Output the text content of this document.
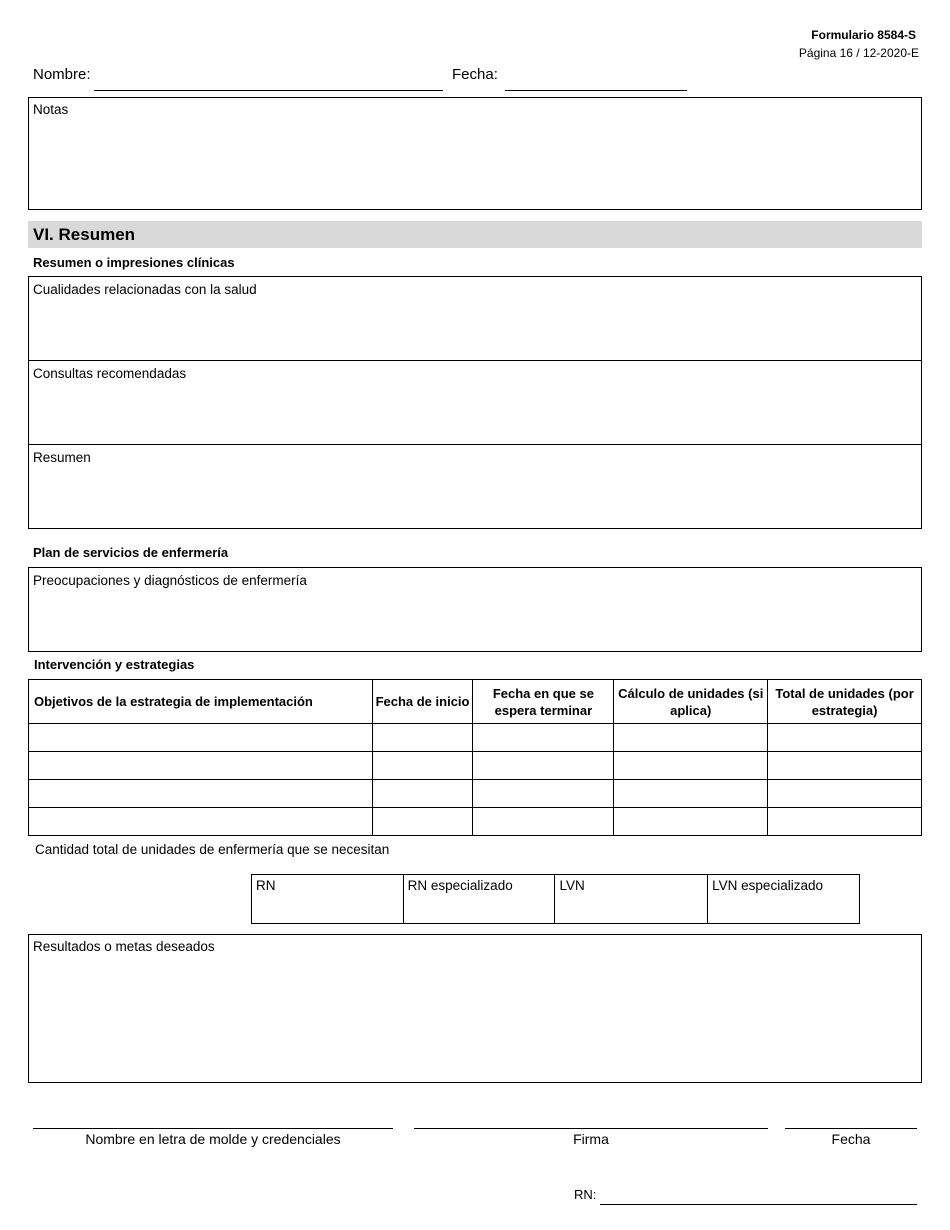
Formulario 8584-S
Página 16 / 12-2020-E
Nombre:	Fecha:
Notas
VI. Resumen
Resumen o impresiones clínicas
Cualidades relacionadas con la salud
Consultas recomendadas
Resumen
Plan de servicios de enfermería
Preocupaciones y diagnósticos de enfermería
Intervención y estrategias
Objetivos de la estrategia de implementación	Fecha de inicio	Fecha en que se espera terminar	Cálculo de unidades (si aplica)	Total de unidades (por estrategia)

Cantidad total de unidades de enfermería que se necesitan
RN	RN especializado	LVN	LVN especializado
Resultados o metas deseados
Nombre en letra de molde y credenciales	Firma	Fecha
RN:
